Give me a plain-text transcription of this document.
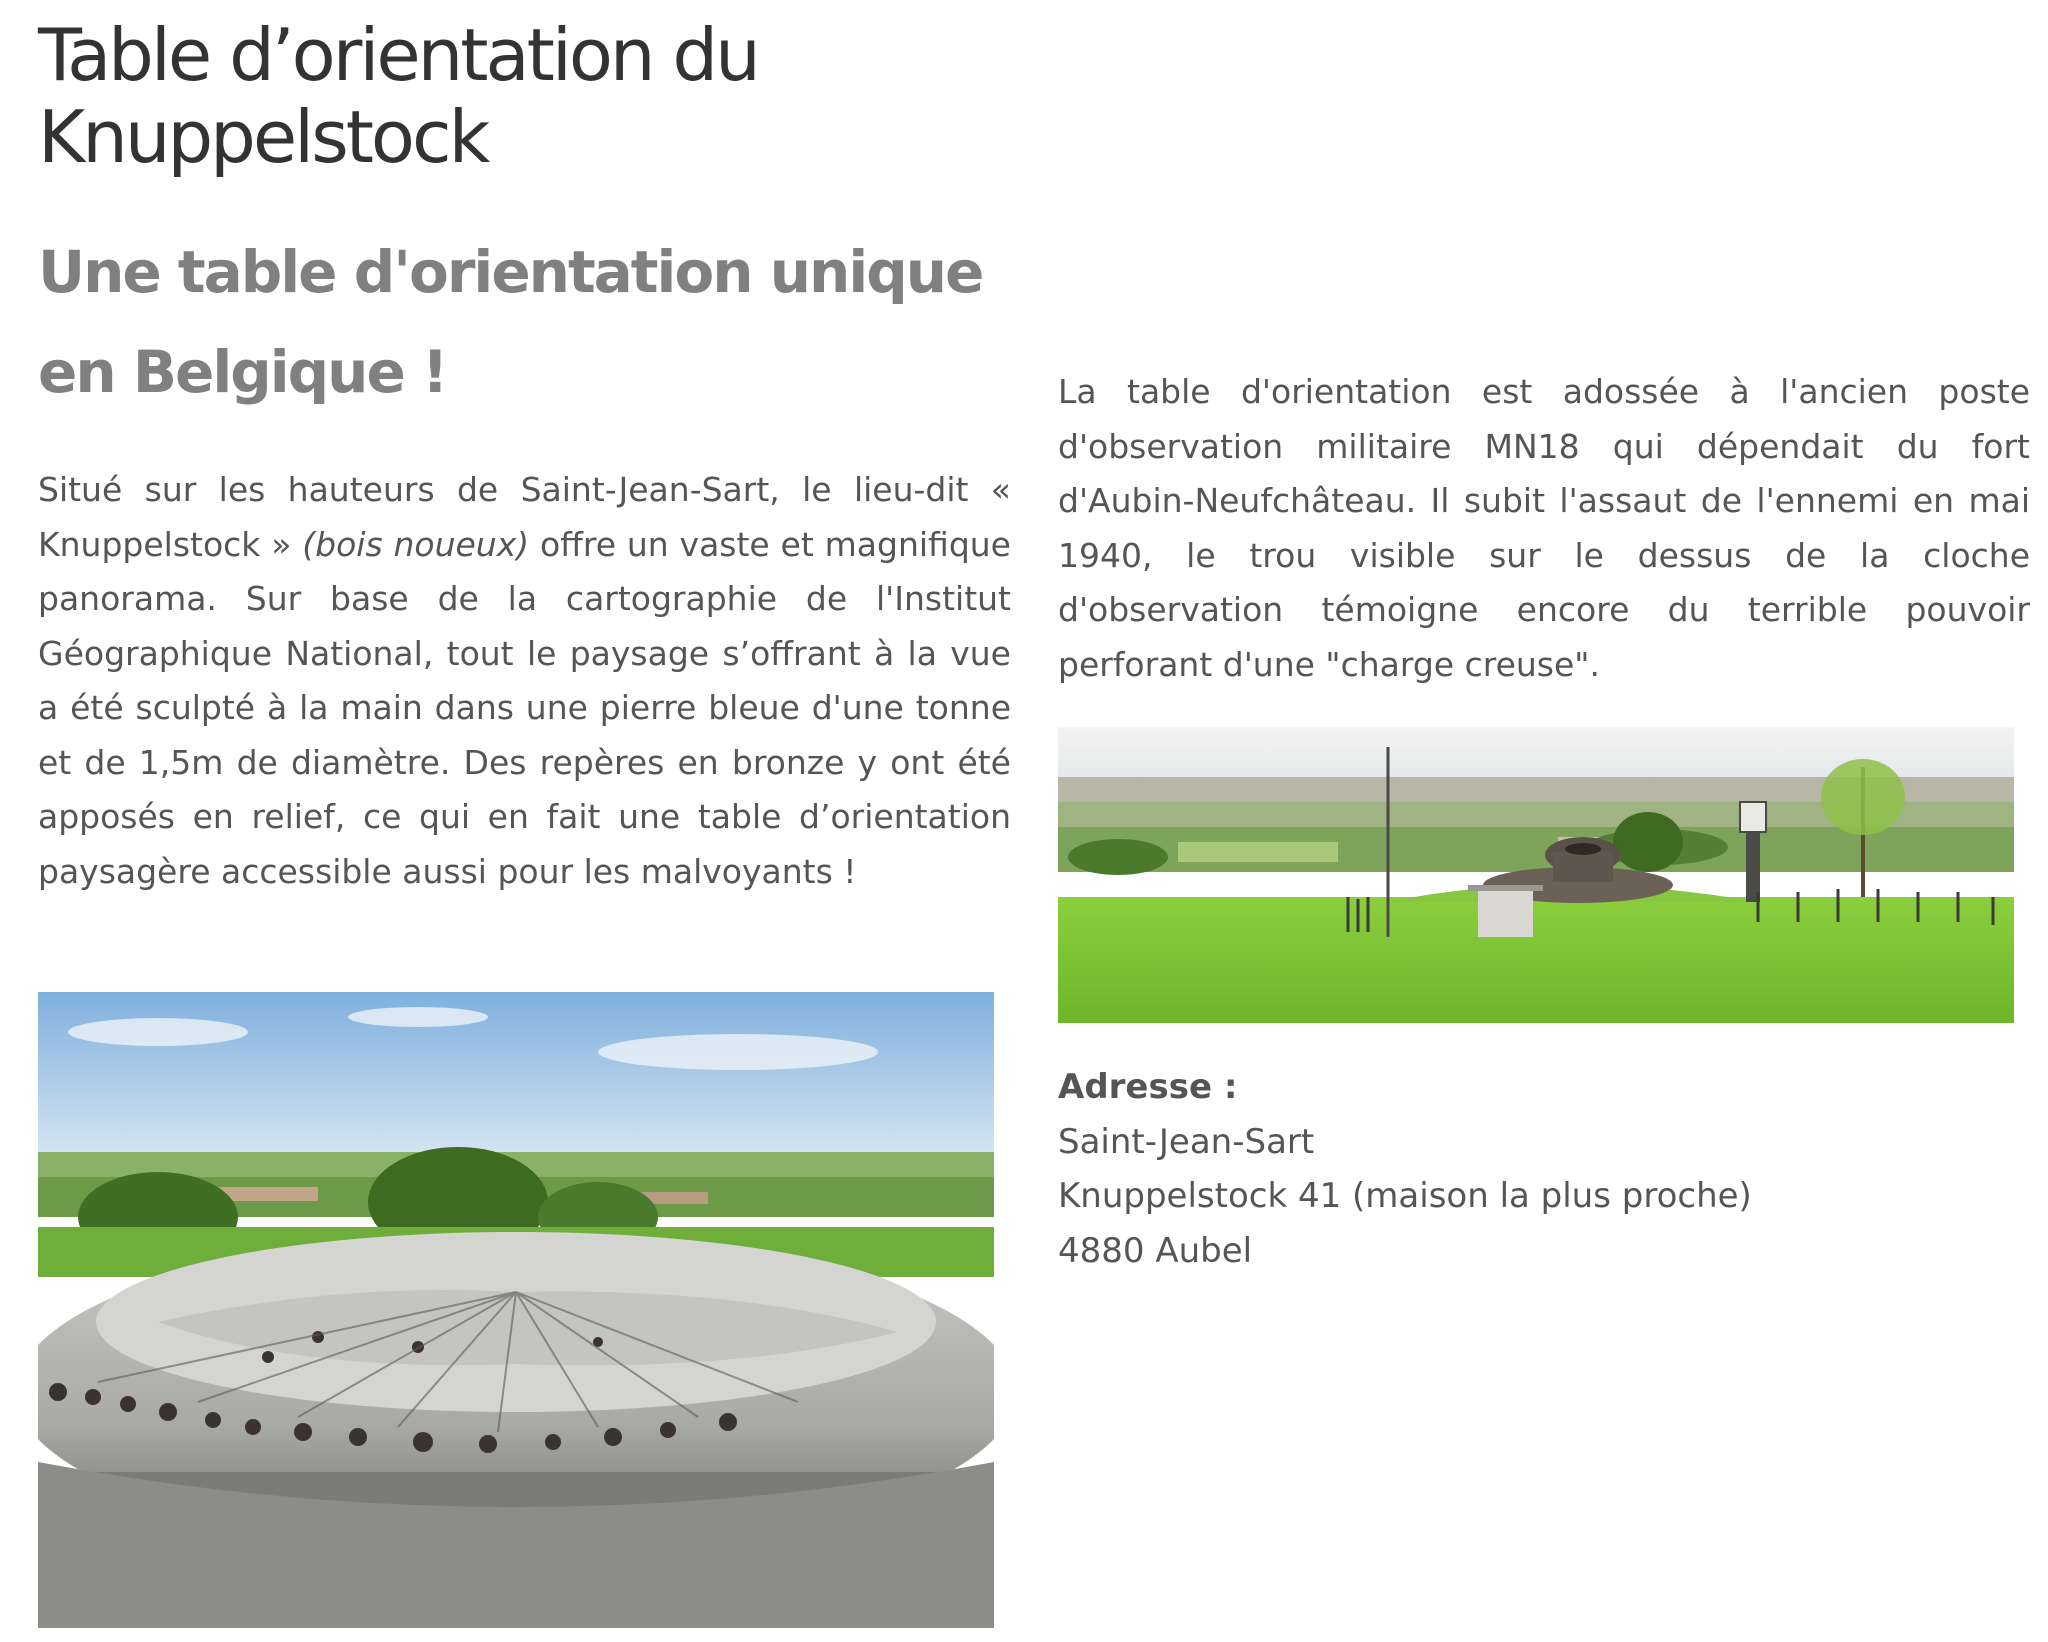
Table d’orientation du
Knuppelstock
Une table d'orientation unique
en Belgique !

Situé sur les hauteurs de Saint-Jean-Sart, le lieu-dit « Knuppelstock » (bois noueux) offre un vaste et magnifique panorama. Sur base de la cartographie de l'Institut Géographique National, tout le paysage s’offrant à la vue a été sculpté à la main dans une pierre bleue d'une tonne et de 1,5m de diamètre. Des repères en bronze y ont été apposés en relief, ce qui en fait une table d’orientation paysagère accessible aussi pour les malvoyants !

La table d'orientation est adossée à l'ancien poste d'observation militaire MN18 qui dépendait du fort d'Aubin-Neufchâteau. Il subit l'assaut de l'ennemi en mai 1940, le trou visible sur le dessus de la cloche d'observation témoigne encore du terrible pouvoir perforant d'une "charge creuse".

Adresse :
Saint-Jean-Sart
Knuppelstock 41 (maison la plus proche)
4880 Aubel
